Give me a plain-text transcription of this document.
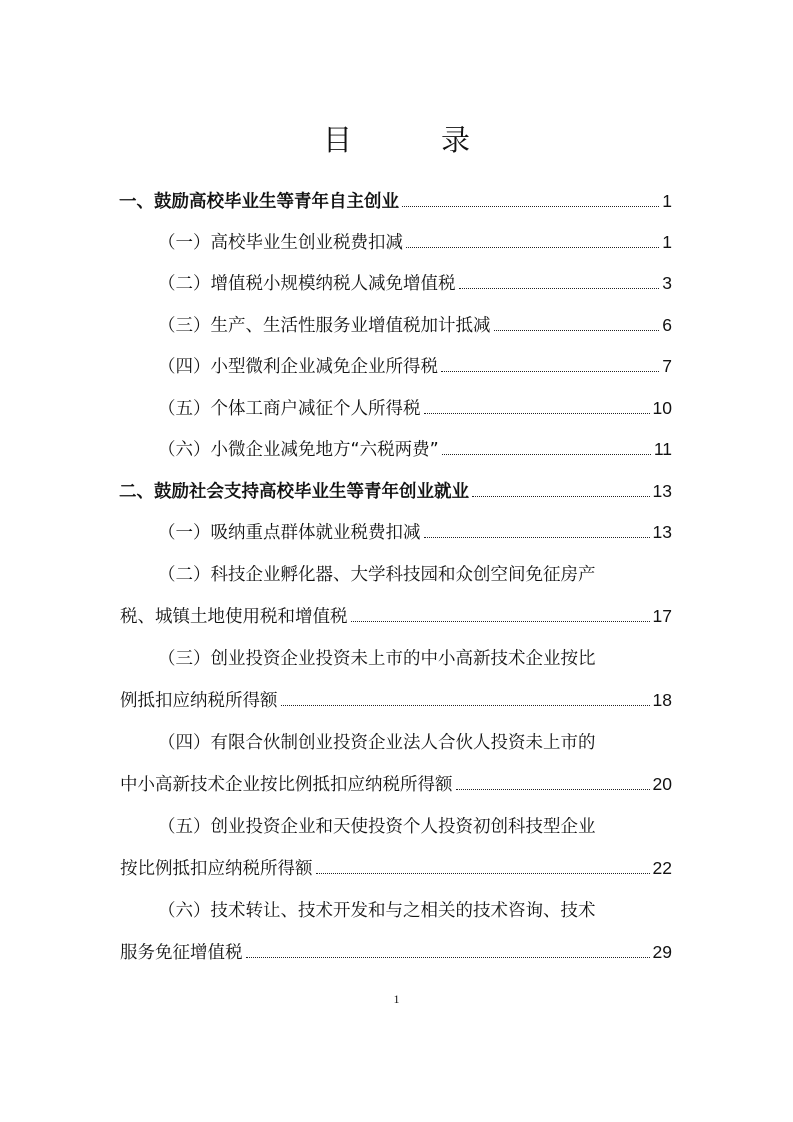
目　录
一、鼓励高校毕业生等青年自主创业	1
（一）高校毕业生创业税费扣减	1
（二）增值税小规模纳税人减免增值税	3
（三）生产、生活性服务业增值税加计抵减	6
（四）小型微利企业减免企业所得税	7
（五）个体工商户减征个人所得税	10
（六）小微企业减免地方“六税两费”	11
二、鼓励社会支持高校毕业生等青年创业就业	13
（一）吸纳重点群体就业税费扣减	13
（二）科技企业孵化器、大学科技园和众创空间免征房产
税、城镇土地使用税和增值税	17
（三）创业投资企业投资未上市的中小高新技术企业按比
例抵扣应纳税所得额	18
（四）有限合伙制创业投资企业法人合伙人投资未上市的
中小高新技术企业按比例抵扣应纳税所得额	20
（五）创业投资企业和天使投资个人投资初创科技型企业
按比例抵扣应纳税所得额	22
（六）技术转让、技术开发和与之相关的技术咨询、技术
服务免征增值税	29
1
